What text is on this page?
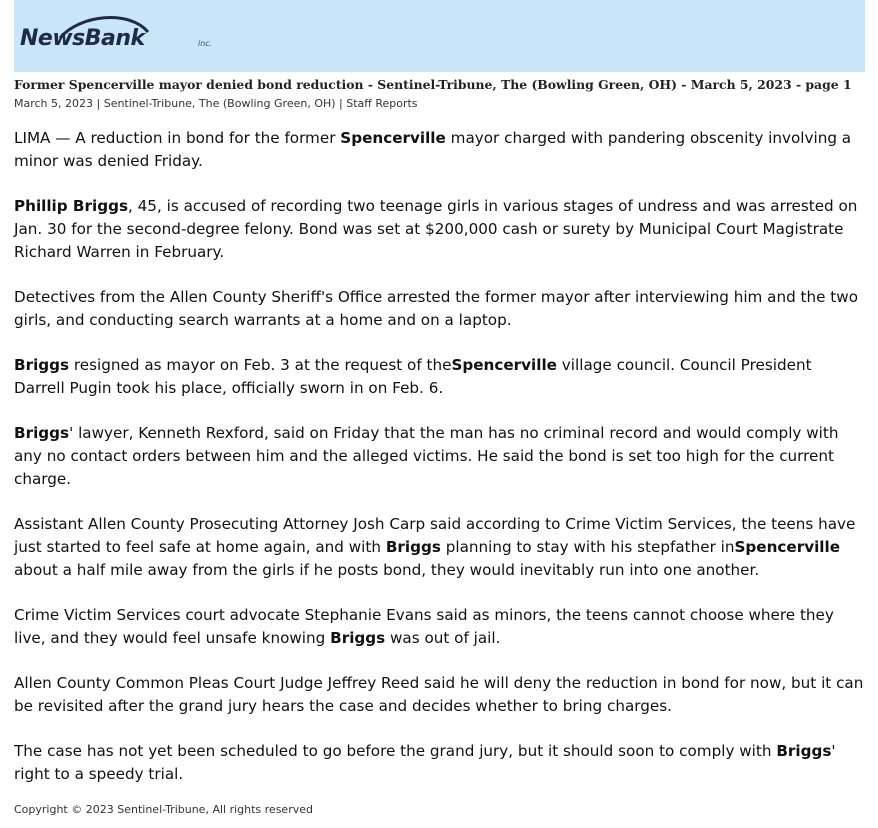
NewsBank	inc.
Former Spencerville mayor denied bond reduction - Sentinel-Tribune, The (Bowling Green, OH) - March 5, 2023 - page 1
March 5, 2023 | Sentinel-Tribune, The (Bowling Green, OH) | Staff Reports

LIMA — A reduction in bond for the former Spencerville mayor charged with pandering obscenity involving a minor was denied Friday.

Phillip Briggs, 45, is accused of recording two teenage girls in various stages of undress and was arrested on Jan. 30 for the second-degree felony. Bond was set at $200,000 cash or surety by Municipal Court Magistrate Richard Warren in February.

Detectives from the Allen County Sheriff's Office arrested the former mayor after interviewing him and the two girls, and conducting search warrants at a home and on a laptop.

Briggs resigned as mayor on Feb. 3 at the request of theSpencerville village council. Council President Darrell Pugin took his place, officially sworn in on Feb. 6.

Briggs' lawyer, Kenneth Rexford, said on Friday that the man has no criminal record and would comply with any no contact orders between him and the alleged victims. He said the bond is set too high for the current charge.

Assistant Allen County Prosecuting Attorney Josh Carp said according to Crime Victim Services, the teens have just started to feel safe at home again, and with Briggs planning to stay with his stepfather inSpencerville about a half mile away from the girls if he posts bond, they would inevitably run into one another.

Crime Victim Services court advocate Stephanie Evans said as minors, the teens cannot choose where they live, and they would feel unsafe knowing Briggs was out of jail.

Allen County Common Pleas Court Judge Jeffrey Reed said he will deny the reduction in bond for now, but it can be revisited after the grand jury hears the case and decides whether to bring charges.

The case has not yet been scheduled to go before the grand jury, but it should soon to comply with Briggs' right to a speedy trial.

Copyright © 2023 Sentinel-Tribune, All rights reserved
